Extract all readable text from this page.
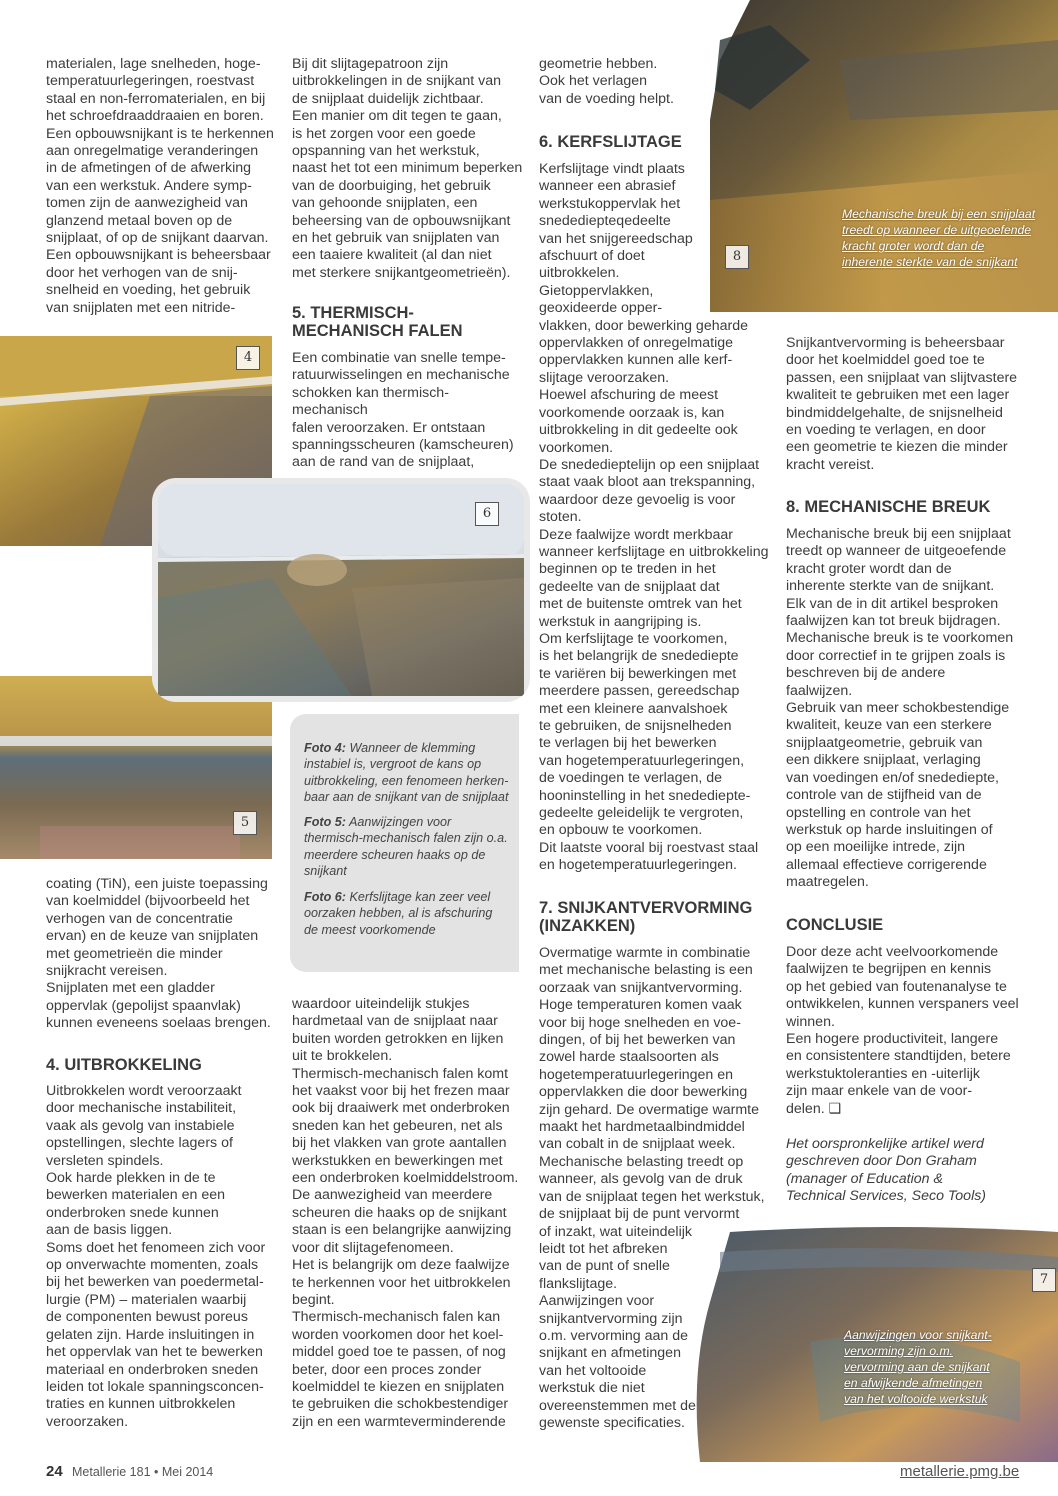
8
Mechanische breuk bij een snijplaat
treedt op wanneer de uitgeoefende
kracht groter wordt dan de
inherente sterkte van de snijkant
4
5
6
7
Aanwijzingen voor snijkant-
vervorming zijn o.m.
vervorming aan de snijkant
en afwijkende afmetingen
van het voltooide werkstuk
materialen, lage snelheden, hoge-
temperatuurlegeringen, roestvast
staal en non-ferromaterialen, en bij
het schroefdraaddraaien en boren.
Een opbouwsnijkant is te herkennen
aan onregelmatige veranderingen
in de afmetingen of de afwerking
van een werkstuk. Andere symp-
tomen zijn de aanwezigheid van
glanzend metaal boven op de
snijplaat, of op de snijkant daarvan.
Een opbouwsnijkant is beheersbaar
door het verhogen van de snij-
snelheid en voeding, het gebruik
van snijplaten met een nitride-
coating (TiN), een juiste toepassing
van koelmiddel (bijvoorbeeld het
verhogen van de concentratie
ervan) en de keuze van snijplaten
met geometrieën die minder
snijkracht vereisen.
Snijplaten met een gladder
oppervlak (gepolijst spaanvlak)
kunnen eveneens soelaas brengen.
4. UITBROKKELING
Uitbrokkelen wordt veroorzaakt
door mechanische instabiliteit,
vaak als gevolg van instabiele
opstellingen, slechte lagers of
versleten spindels.
Ook harde plekken in de te
bewerken materialen en een
onderbroken snede kunnen
aan de basis liggen.
Soms doet het fenomeen zich voor
op onverwachte momenten, zoals
bij het bewerken van poedermetal-
lurgie (PM) – materialen waarbij
de componenten bewust poreus
gelaten zijn. Harde insluitingen in
het oppervlak van het te bewerken
materiaal en onderbroken sneden
leiden tot lokale spanningsconcen-
traties en kunnen uitbrokkelen
veroorzaken.
Bij dit slijtagepatroon zijn
uitbrokkelingen in de snijkant van
de snijplaat duidelijk zichtbaar.
Een manier om dit tegen te gaan,
is het zorgen voor een goede
opspanning van het werkstuk,
naast het tot een minimum beperken
van de doorbuiging, het gebruik
van gehoonde snijplaten, een
beheersing van de opbouwsnijkant
en het gebruik van snijplaten van
een taaiere kwaliteit (al dan niet
met sterkere snijkantgeometrieën).
5. THERMISCH-
MECHANISCH FALEN
Een combinatie van snelle tempe-
ratuurwisselingen en mechanische
schokken kan thermisch-mechanisch
falen veroorzaken. Er ontstaan
spanningsscheuren (kamscheuren)
aan de rand van de snijplaat,
Foto 4: Wanneer de klemming
instabiel is, vergroot de kans op
uitbrokkeling, een fenomeen herken-
baar aan de snijkant van de snijplaat
Foto 5: Aanwijzingen voor
thermisch-mechanisch falen zijn o.a.
meerdere scheuren haaks op de
snijkant
Foto 6: Kerfslijtage kan zeer veel
oorzaken hebben, al is afschuring
de meest voorkomende
waardoor uiteindelijk stukjes
hardmetaal van de snijplaat naar
buiten worden getrokken en lijken
uit te brokkelen.
Thermisch-mechanisch falen komt
het vaakst voor bij het frezen maar
ook bij draaiwerk met onderbroken
sneden kan het gebeuren, net als
bij het vlakken van grote aantallen
werkstukken en bewerkingen met
een onderbroken koelmiddelstroom.
De aanwezigheid van meerdere
scheuren die haaks op de snijkant
staan is een belangrijke aanwijzing
voor dit slijtagefenomeen.
Het is belangrijk om deze faalwijze
te herkennen voor het uitbrokkelen
begint.
Thermisch-mechanisch falen kan
worden voorkomen door het koel-
middel goed toe te passen, of nog
beter, door een proces zonder
koelmiddel te kiezen en snijplaten
te gebruiken die schokbestendiger
zijn en een warmteverminderende
geometrie hebben.
Ook het verlagen
van de voeding helpt.
6. KERFSLIJTAGE
Kerfslijtage vindt plaats
wanneer een abrasief
werkstukoppervlak het
snedediepteqedeelte
van het snijgereedschap
afschuurt of doet
uitbrokkelen.
Gietoppervlakken,
geoxideerde opper-
vlakken, door bewerking geharde
oppervlakken of onregelmatige
oppervlakken kunnen alle kerf-
slijtage veroorzaken.
Hoewel afschuring de meest
voorkomende oorzaak is, kan
uitbrokkeling in dit gedeelte ook
voorkomen.
De snededieptelijn op een snijplaat
staat vaak bloot aan trekspanning,
waardoor deze gevoelig is voor
stoten.
Deze faalwijze wordt merkbaar
wanneer kerfslijtage en uitbrokkeling
beginnen op te treden in het
gedeelte van de snijplaat dat
met de buitenste omtrek van het
werkstuk in aangrijping is.
Om kerfslijtage te voorkomen,
is het belangrijk de snedediepte
te variëren bij bewerkingen met
meerdere passen, gereedschap
met een kleinere aanvalshoek
te gebruiken, de snijsnelheden
te verlagen bij het bewerken
van hogetemperatuurlegeringen,
de voedingen te verlagen, de
hooninstelling in het snedediepte-
gedeelte geleidelijk te vergroten,
en opbouw te voorkomen.
Dit laatste vooral bij roestvast staal
en hogetemperatuurlegeringen.
7. SNIJKANTVERVORMING
(INZAKKEN)
Overmatige warmte in combinatie
met mechanische belasting is een
oorzaak van snijkantvervorming.
Hoge temperaturen komen vaak
voor bij hoge snelheden en voe-
dingen, of bij het bewerken van
zowel harde staalsoorten als
hogetemperatuurlegeringen en
oppervlakken die door bewerking
zijn gehard. De overmatige warmte
maakt het hardmetaalbindmiddel
van cobalt in de snijplaat week.
Mechanische belasting treedt op
wanneer, als gevolg van de druk
van de snijplaat tegen het werkstuk,
de snijplaat bij de punt vervormt
of inzakt, wat uiteindelijk
leidt tot het afbreken
van de punt of snelle
flankslijtage.
Aanwijzingen voor
snijkantvervorming zijn
o.m. vervorming aan de
snijkant en afmetingen
van het voltooide
werkstuk die niet
overeenstemmen met de
gewenste specificaties.
Snijkantvervorming is beheersbaar
door het koelmiddel goed toe te
passen, een snijplaat van slijtvastere
kwaliteit te gebruiken met een lager
bindmiddelgehalte, de snijsnelheid
en voeding te verlagen, en door
een geometrie te kiezen die minder
kracht vereist.
8. MECHANISCHE BREUK
Mechanische breuk bij een snijplaat
treedt op wanneer de uitgeoefende
kracht groter wordt dan de
inherente sterkte van de snijkant.
Elk van de in dit artikel besproken
faalwijzen kan tot breuk bijdragen.
Mechanische breuk is te voorkomen
door correctief in te grijpen zoals is
beschreven bij de andere
faalwijzen.
Gebruik van meer schokbestendige
kwaliteit, keuze van een sterkere
snijplaatgeometrie, gebruik van
een dikkere snijplaat, verlaging
van voedingen en/of snedediepte,
controle van de stijfheid van de
opstelling en controle van het
werkstuk op harde insluitingen of
op een moeilijke intrede, zijn
allemaal effectieve corrigerende
maatregelen.
CONCLUSIE
Door deze acht veelvoorkomende
faalwijzen te begrijpen en kennis
op het gebied van foutenanalyse te
ontwikkelen, kunnen verspaners veel
winnen.
Een hogere productiviteit, langere
en consistentere standtijden, betere
werkstuktoleranties en -uiterlijk
zijn maar enkele van de voor-
delen. ❑
Het oorspronkelijke artikel werd
geschreven door Don Graham
(manager of Education &
Technical Services, Seco Tools)
24 Metallerie 181 • Mei 2014	metallerie.pmg.be
